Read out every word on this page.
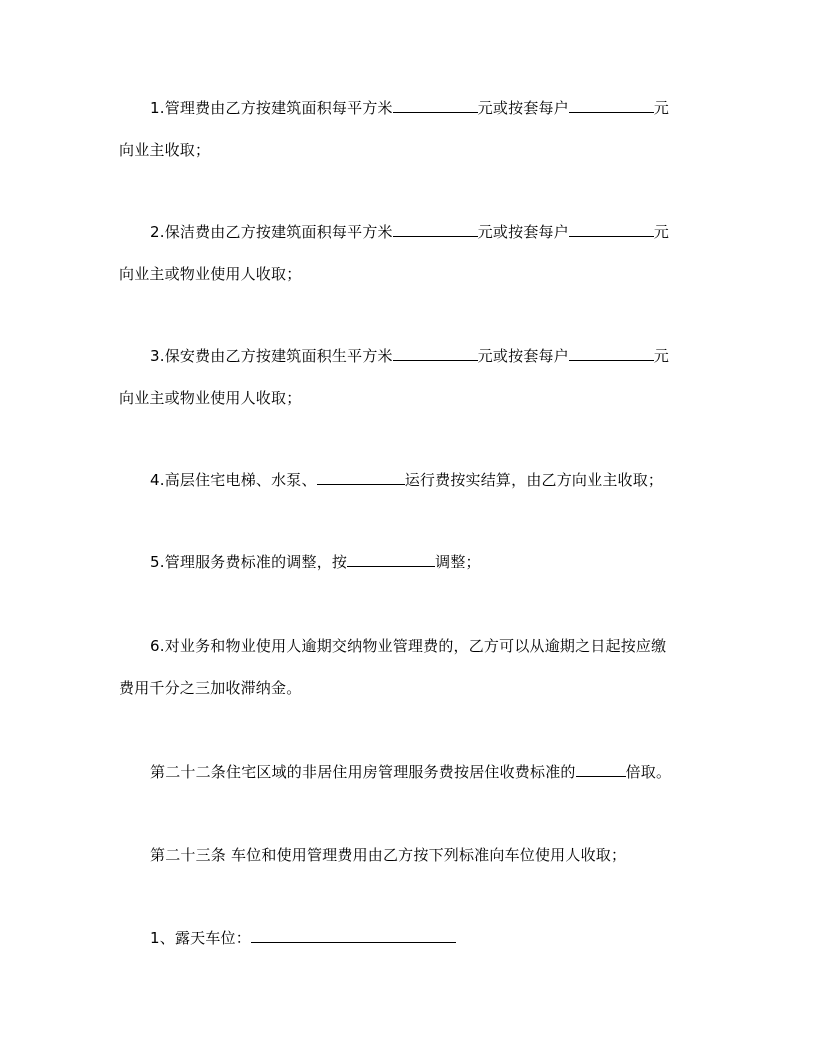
1.管理费由乙方按建筑面积每平方米	元或按套每户	元
向业主收取；
2.保洁费由乙方按建筑面积每平方米	元或按套每户	元
向业主或物业使用人收取；
3.保安费由乙方按建筑面积生平方米	元或按套每户	元
向业主或物业使用人收取；
4.高层住宅电梯、水泵、	运行费按实结算，由乙方向业主收取；
5.管理服务费标准的调整，按	调整；
6.对业务和物业使用人逾期交纳物业管理费的，乙方可以从逾期之日起按应缴
费用千分之三加收滞纳金。
第二十二条住宅区域的非居住用房管理服务费按居住收费标准的	倍取。
第二十三条 车位和使用管理费用由乙方按下列标准向车位使用人收取；
1、露天车位：
